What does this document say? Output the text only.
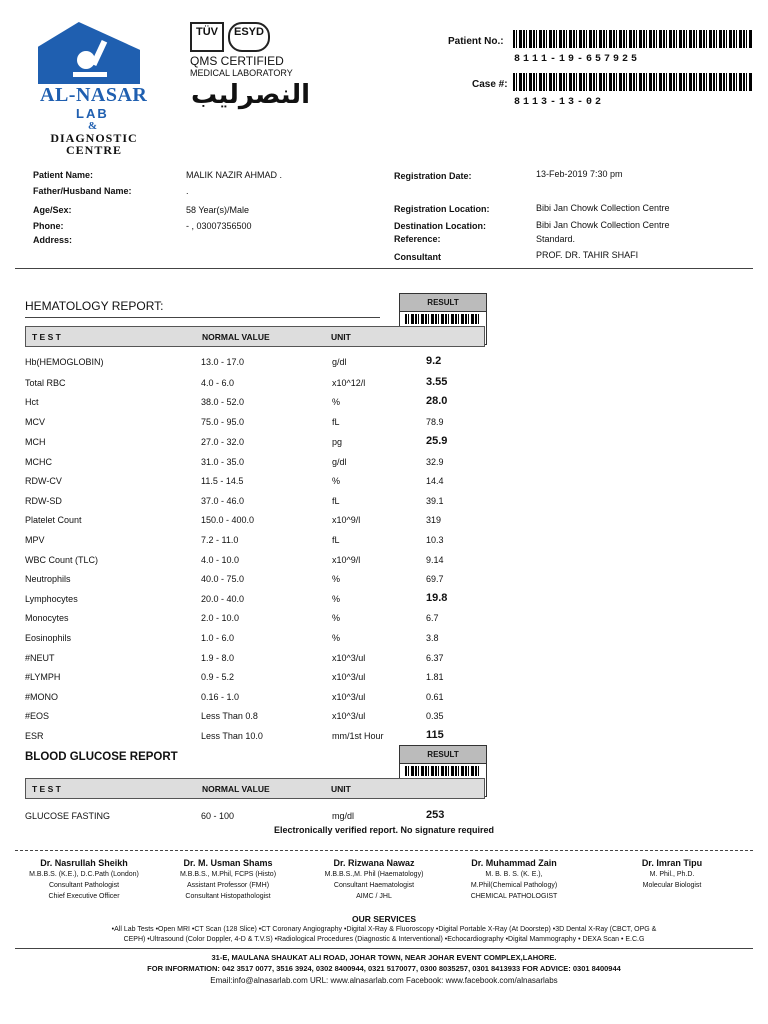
AL-NASAR
LAB
&
DIAGNOSTIC
CENTRE
TÜV	ESYD
QMS CERTIFIED
MEDICAL LABORATORY
النصرليب
Patient No.:
8111-19-657925
Case #:
8113-13-02
Patient Name:	MALIK NAZIR AHMAD .
Father/Husband Name:	.
Age/Sex:	58 Year(s)/Male
Phone:	- , 03007356500
Address:
Registration Date:	13-Feb-2019 7:30 pm
Registration Location:	Bibi Jan Chowk Collection Centre
Destination Location:	Bibi Jan Chowk Collection Centre
Reference:	Standard.
Consultant	PROF. DR. TAHIR SHAFI
HEMATOLOGY REPORT:	RESULT
T E S T	NORMAL VALUE	UNIT
Hb(HEMOGLOBIN)	13.0 - 17.0	g/dl	9.2
Total RBC	4.0 - 6.0	x10^12/l	3.55
Hct	38.0 - 52.0	%	28.0
MCV	75.0 - 95.0	fL	78.9
MCH	27.0 - 32.0	pg	25.9
MCHC	31.0 - 35.0	g/dl	32.9
RDW-CV	11.5 - 14.5	%	14.4
RDW-SD	37.0 - 46.0	fL	39.1
Platelet Count	150.0 - 400.0	x10^9/l	319
MPV	7.2 - 11.0	fL	10.3
WBC Count (TLC)	4.0 - 10.0	x10^9/l	9.14
Neutrophils	40.0 - 75.0	%	69.7
Lymphocytes	20.0 - 40.0	%	19.8
Monocytes	2.0 - 10.0	%	6.7
Eosinophils	1.0 - 6.0	%	3.8
#NEUT	1.9 - 8.0	x10^3/ul	6.37
#LYMPH	0.9 - 5.2	x10^3/ul	1.81
#MONO	0.16 - 1.0	x10^3/ul	0.61
#EOS	Less Than 0.8	x10^3/ul	0.35
ESR	Less Than 10.0	mm/1st Hour	115
BLOOD GLUCOSE REPORT	RESULT
T E S T	NORMAL VALUE	UNIT
GLUCOSE FASTING	60 - 100	mg/dl	253
Electronically verified report. No signature required
Dr. Nasrullah Sheikh
M.B.B.S. (K.E.), D.C.Path (London)
Consultant Pathologist
Chief Executive Officer
Dr. M. Usman Shams
M.B.B.S., M.Phil, FCPS (Histo)
Assistant Professor (FMH)
Consultant Histopathologist
Dr. Rizwana Nawaz
M.B.B.S.,M. Phil (Haematology)
Consultant Haematologist
AIMC / JHL
Dr. Muhammad Zain
M. B. B. S. (K. E.),
M.Phil(Chemical Pathology)
CHEMICAL PATHOLOGIST
Dr. Imran Tipu
M. Phil., Ph.D.
Molecular Biologist
OUR SERVICES
•All Lab Tests •Open MRI •CT Scan (128 Slice) •CT Coronary Angiography •Digital X-Ray & Fluoroscopy •Digital Portable X-Ray (At Doorstep) •3D Dental X-Ray (CBCT, OPG &
CEPH) •Ultrasound (Color Doppler, 4-D & T.V.S) •Radiological Procedures (Diagnostic & Interventional) •Echocardiography •Digital Mammography • DEXA Scan • E.C.G
31-E, MAULANA SHAUKAT ALI ROAD, JOHAR TOWN, NEAR JOHAR EVENT COMPLEX,LAHORE.
FOR INFORMATION: 042 3517 0077, 3516 3924, 0302 8400944, 0321 5170077, 0300 8035257, 0301 8413933 FOR ADVICE: 0301 8400944
Email:info@alnasarlab.com URL: www.alnasarlab.com Facebook: www.facebook.com/alnasarlabs
